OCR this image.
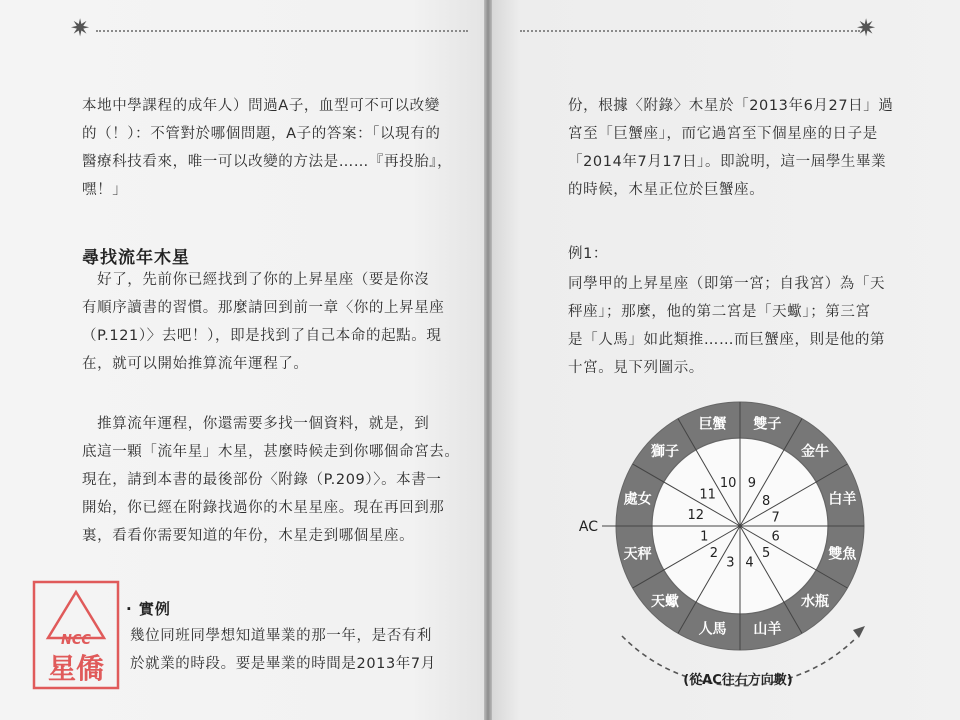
✷

本地中學課程的成年人）問過A子，血型可不可以改變
的（！）：不管對於哪個問題，A子的答案：「以現有的
醫療科技看來，唯一可以改變的方法是……『再投胎』，
嘿！」

尋找流年木星

　好了，先前你已經找到了你的上昇星座（要是你沒
有順序讀書的習慣。那麼請回到前一章〈你的上昇星座
（P.121）〉去吧！），即是找到了自己本命的起點。現
在，就可以開始推算流年運程了。

　推算流年運程，你還需要多找一個資料，就是，到
底這一顆「流年星」木星，甚麼時候走到你哪個命宮去。
現在，請到本書的最後部份〈附錄（P.209）〉。本書一
開始，你已經在附錄找過你的木星星座。現在再回到那
裏，看看你需要知道的年份，木星走到哪個星座。

· 實例

幾位同班同學想知道畢業的那一年，是否有利
於就業的時段。要是畢業的時間是2013年7月

NCC
星僑
✷

份，根據〈附錄〉木星於「2013年6月27日」過
宮至「巨蟹座」，而它過宮至下個星座的日子是
「2014年7月17日」。即說明，這一屆學生畢業
的時候，木星正位於巨蟹座。

例1：

同學甲的上昇星座（即第一宮；自我宮）為「天
秤座」；那麼，他的第二宮是「天蠍」；第三宮
是「人馬」如此類推……而巨蟹座，則是他的第
十宮。見下列圖示。

AC
天秤
1
天蠍
2
人馬
3
山羊
4
水瓶
5	雙魚
6
白羊
7
金牛
8
雙子
9
巨蟹
10
獅子
11
處女
12
(從AC往右方向數)
